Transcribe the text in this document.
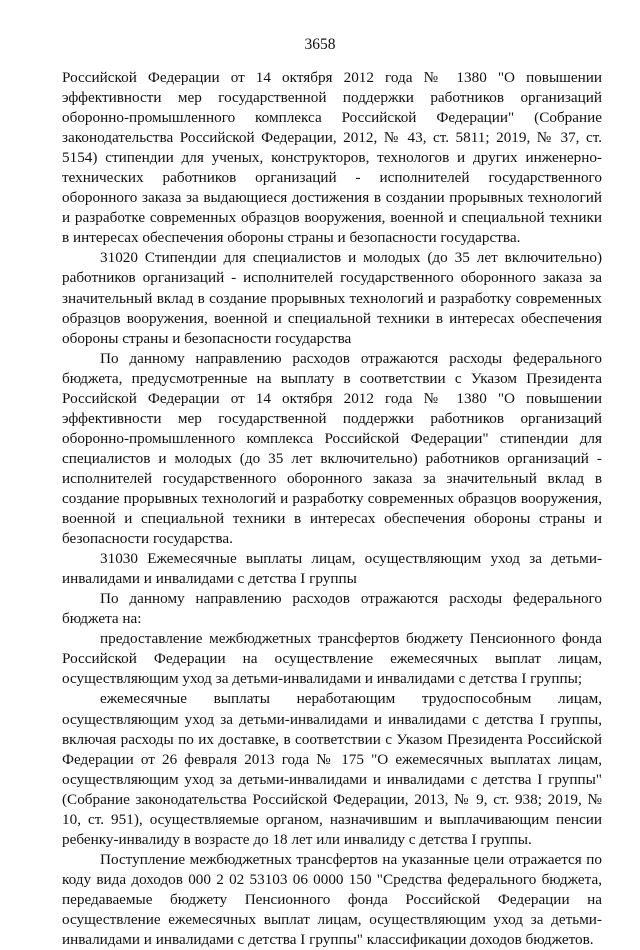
3658

Российской Федерации от 14 октября 2012 года № 1380 "О повышении эффективности мер государственной поддержки работников организаций оборонно-промышленного комплекса Российской Федерации" (Собрание законодательства Российской Федерации, 2012, № 43, ст. 5811; 2019, № 37, ст. 5154) стипендии для ученых, конструкторов, технологов и других инженерно-технических работников организаций - исполнителей государственного оборонного заказа за выдающиеся достижения в создании прорывных технологий и разработке современных образцов вооружения, военной и специальной техники в интересах обеспечения обороны страны и безопасности государства.

31020 Стипендии для специалистов и молодых (до 35 лет включительно) работников организаций - исполнителей государственного оборонного заказа за значительный вклад в создание прорывных технологий и разработку современных образцов вооружения, военной и специальной техники в интересах обеспечения обороны страны и безопасности государства

По данному направлению расходов отражаются расходы федерального бюджета, предусмотренные на выплату в соответствии с Указом Президента Российской Федерации от 14 октября 2012 года № 1380 "О повышении эффективности мер государственной поддержки работников организаций оборонно-промышленного комплекса Российской Федерации" стипендии для специалистов и молодых (до 35 лет включительно) работников организаций - исполнителей государственного оборонного заказа за значительный вклад в создание прорывных технологий и разработку современных образцов вооружения, военной и специальной техники в интересах обеспечения обороны страны и безопасности государства.

31030 Ежемесячные выплаты лицам, осуществляющим уход за детьми-инвалидами и инвалидами с детства I группы

По данному направлению расходов отражаются расходы федерального бюджета на:

предоставление межбюджетных трансфертов бюджету Пенсионного фонда Российской Федерации на осуществление ежемесячных выплат лицам, осуществляющим уход за детьми-инвалидами и инвалидами с детства I группы;

ежемесячные выплаты неработающим трудоспособным лицам, осуществляющим уход за детьми-инвалидами и инвалидами с детства I группы, включая расходы по их доставке, в соответствии с Указом Президента Российской Федерации от 26 февраля 2013 года № 175 "О ежемесячных выплатах лицам, осуществляющим уход за детьми-инвалидами и инвалидами с детства I группы" (Собрание законодательства Российской Федерации, 2013, № 9, ст. 938; 2019, № 10, ст. 951), осуществляемые органом, назначившим и выплачивающим пенсии ребенку-инвалиду в возрасте до 18 лет или инвалиду с детства I группы.

Поступление межбюджетных трансфертов на указанные цели отражается по коду вида доходов 000 2 02 53103 06 0000 150 "Средства федерального бюджета, передаваемые бюджету Пенсионного фонда Российской Федерации на осуществление ежемесячных выплат лицам, осуществляющим уход за детьми-инвалидами и инвалидами с детства I группы" классификации доходов бюджетов.
